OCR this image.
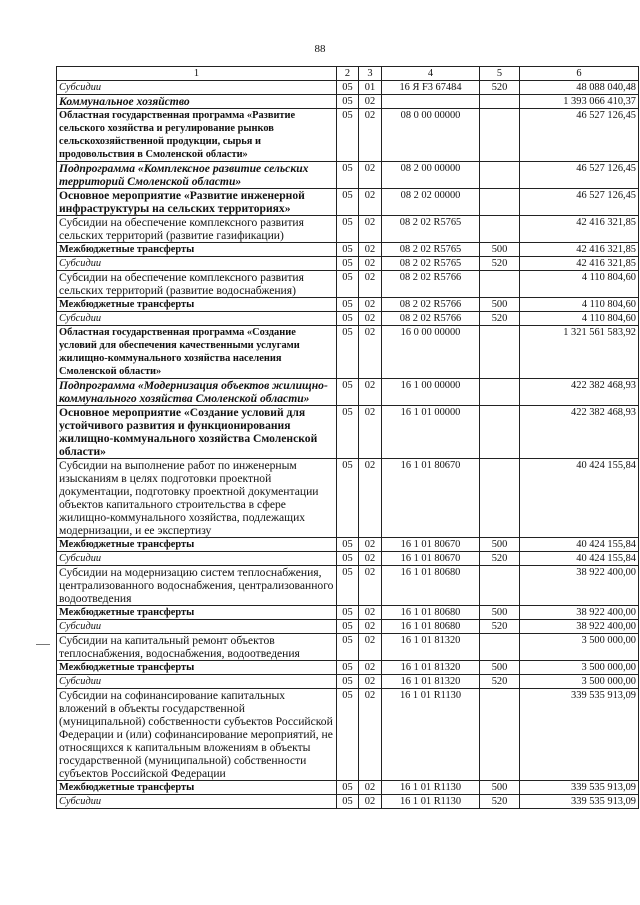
88
1	2	3	4	5	6
Субсидии	05	01	16 Я F3 67484	520	48 088 040,48
Коммунальное хозяйство	05	02			1 393 066 410,37
Областная государственная программа «Развитие сельского хозяйства и регулирование рынков сельскохозяйственной продукции, сырья и продовольствия в Смоленской области»	05	02	08 0 00 00000		46 527 126,45
Подпрограмма «Комплексное развитие сельских территорий Смоленской области»	05	02	08 2 00 00000		46 527 126,45
Основное мероприятие «Развитие инженерной инфраструктуры на сельских территориях»	05	02	08 2 02 00000		46 527 126,45
Субсидии на обеспечение комплексного развития сельских территорий (развитие газификации)	05	02	08 2 02 R5765		42 416 321,85
Межбюджетные трансферты	05	02	08 2 02 R5765	500	42 416 321,85
Субсидии	05	02	08 2 02 R5765	520	42 416 321,85
Субсидии на обеспечение комплексного развития сельских территорий (развитие водоснабжения)	05	02	08 2 02 R5766		4 110 804,60
Межбюджетные трансферты	05	02	08 2 02 R5766	500	4 110 804,60
Субсидии	05	02	08 2 02 R5766	520	4 110 804,60
Областная государственная программа «Создание условий для обеспечения качественными услугами жилищно-коммунального хозяйства населения Смоленской области»	05	02	16 0 00 00000		1 321 561 583,92
Подпрограмма «Модернизация объектов жилищно-коммунального хозяйства Смоленской области»	05	02	16 1 00 00000		422 382 468,93
Основное мероприятие «Создание условий для устойчивого развития и функционирования жилищно-коммунального хозяйства Смоленской области»	05	02	16 1 01 00000		422 382 468,93
Субсидии на выполнение работ по инженерным изысканиям в целях подготовки проектной документации, подготовку проектной документации объектов капитального строительства в сфере жилищно-коммунального хозяйства, подлежащих модернизации, и ее экспертизу	05	02	16 1 01 80670		40 424 155,84
Межбюджетные трансферты	05	02	16 1 01 80670	500	40 424 155,84
Субсидии	05	02	16 1 01 80670	520	40 424 155,84
Субсидии на модернизацию систем теплоснабжения, централизованного водоснабжения, централизованного водоотведения	05	02	16 1 01 80680		38 922 400,00
Межбюджетные трансферты	05	02	16 1 01 80680	500	38 922 400,00
Субсидии	05	02	16 1 01 80680	520	38 922 400,00
Субсидии на капитальный ремонт объектов теплоснабжения, водоснабжения, водоотведения	05	02	16 1 01 81320		3 500 000,00
Межбюджетные трансферты	05	02	16 1 01 81320	500	3 500 000,00
Субсидии	05	02	16 1 01 81320	520	3 500 000,00
Субсидии на софинансирование капитальных вложений в объекты государственной (муниципальной) собственности субъектов Российской Федерации и (или) софинансирование мероприятий, не относящихся к капитальным вложениям в объекты государственной (муниципальной) собственности субъектов Российской Федерации	05	02	16 1 01 R1130		339 535 913,09
Межбюджетные трансферты	05	02	16 1 01 R1130	500	339 535 913,09
Субсидии	05	02	16 1 01 R1130	520	339 535 913,09
